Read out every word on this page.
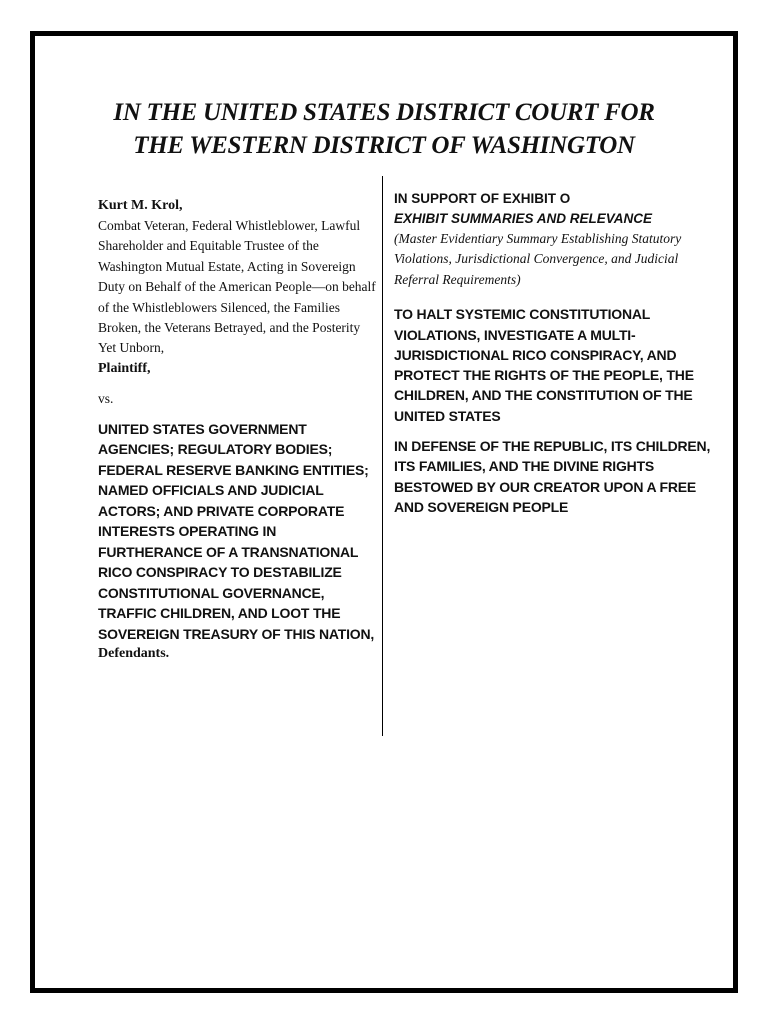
IN THE UNITED STATES DISTRICT COURT FOR
THE WESTERN DISTRICT OF WASHINGTON
Kurt M. Krol,
Combat Veteran, Federal Whistleblower, Lawful Shareholder and Equitable Trustee of the Washington Mutual Estate, Acting in Sovereign Duty on Behalf of the American People—on behalf of the Whistleblowers Silenced, the Families Broken, the Veterans Betrayed, and the Posterity Yet Unborn,
Plaintiff,
vs.
UNITED STATES GOVERNMENT AGENCIES; REGULATORY BODIES; FEDERAL RESERVE BANKING ENTITIES; NAMED OFFICIALS AND JUDICIAL ACTORS; AND PRIVATE CORPORATE INTERESTS OPERATING IN FURTHERANCE OF A TRANSNATIONAL RICO CONSPIRACY TO DESTABILIZE CONSTITUTIONAL GOVERNANCE, TRAFFIC CHILDREN, AND LOOT THE SOVEREIGN TREASURY OF THIS NATION,
Defendants.
IN SUPPORT OF EXHIBIT O
EXHIBIT SUMMARIES AND RELEVANCE
(Master Evidentiary Summary Establishing Statutory Violations, Jurisdictional Convergence, and Judicial Referral Requirements)
TO HALT SYSTEMIC CONSTITUTIONAL VIOLATIONS, INVESTIGATE A MULTI-JURISDICTIONAL RICO CONSPIRACY, AND PROTECT THE RIGHTS OF THE PEOPLE, THE CHILDREN, AND THE CONSTITUTION OF THE UNITED STATES
IN DEFENSE OF THE REPUBLIC, ITS CHILDREN, ITS FAMILIES, AND THE DIVINE RIGHTS BESTOWED BY OUR CREATOR UPON A FREE AND SOVEREIGN PEOPLE
